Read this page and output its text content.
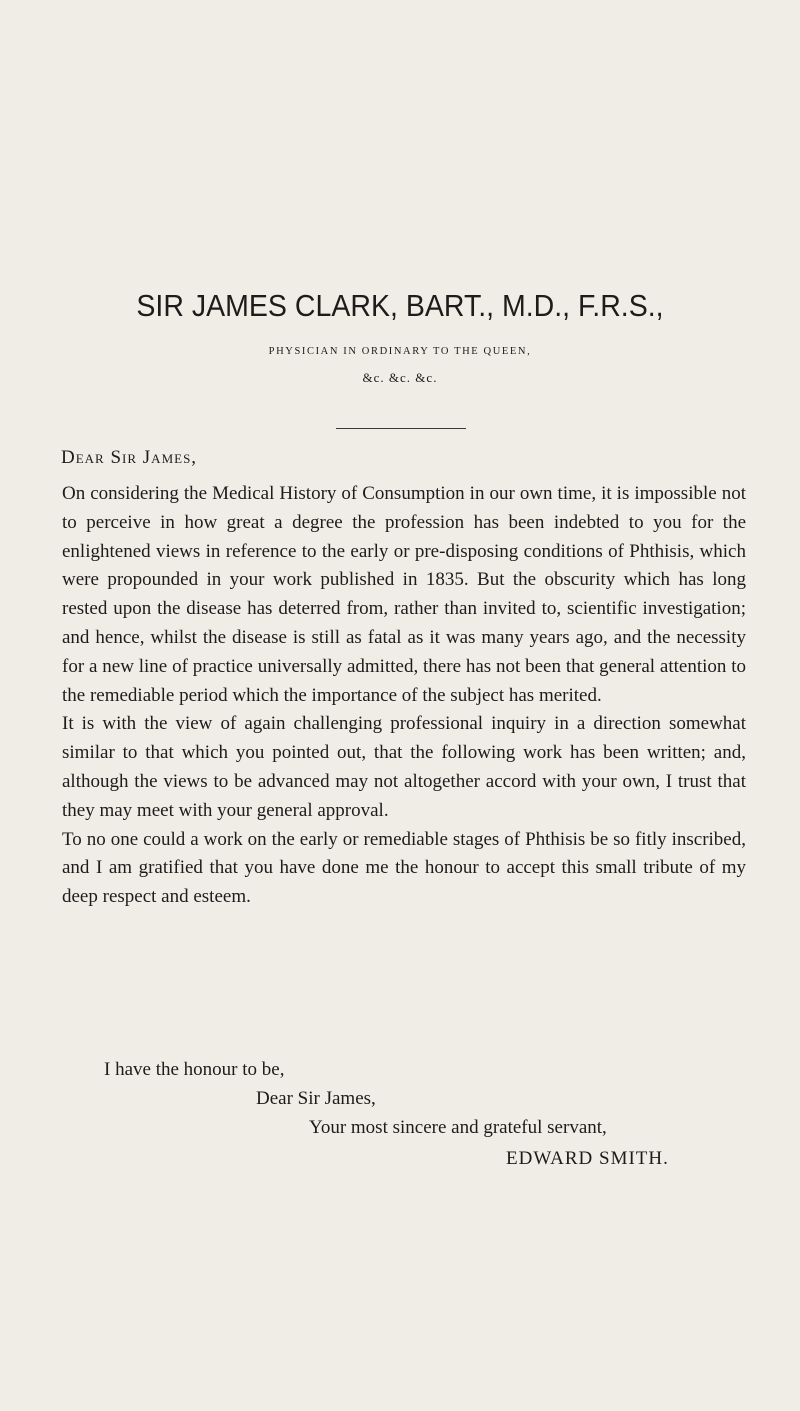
SIR JAMES CLARK, BART., M.D., F.R.S.,
PHYSICIAN IN ORDINARY TO THE QUEEN,
&c. &c. &c.
Dear Sir James,

On considering the Medical History of Consumption in our own time, it is impossible not to perceive in how great a degree the profession has been indebted to you for the enlightened views in reference to the early or pre-disposing conditions of Phthisis, which were propounded in your work published in 1835. But the obscurity which has long rested upon the disease has deterred from, rather than invited to, scientific investigation; and hence, whilst the disease is still as fatal as it was many years ago, and the necessity for a new line of practice universally admitted, there has not been that general attention to the remediable period which the importance of the subject has merited.

It is with the view of again challenging professional inquiry in a direction somewhat similar to that which you pointed out, that the following work has been written; and, although the views to be advanced may not altogether accord with your own, I trust that they may meet with your general approval.

To no one could a work on the early or remediable stages of Phthisis be so fitly inscribed, and I am gratified that you have done me the honour to accept this small tribute of my deep respect and esteem.

I have the honour to be,
Dear Sir James,
Your most sincere and grateful servant,
EDWARD SMITH.
